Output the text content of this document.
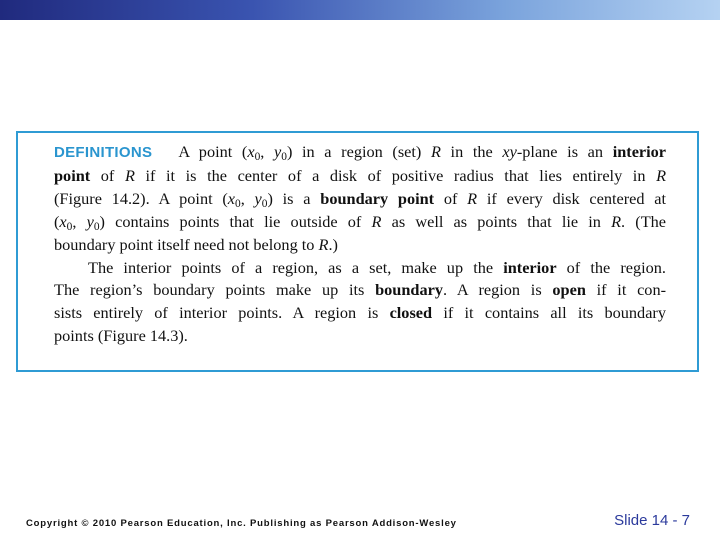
DEFINITIONS A point ($x_0$, $y_0$) in a region (set) R in the xy-plane is an interior
point of R if it is the center of a disk of positive radius that lies entirely in R
(Figure 14.2). A point ($x_0$, $y_0$) is a boundary point of R if every disk centered at
($x_0$, $y_0$) contains points that lie outside of R as well as points that lie in R. (The
boundary point itself need not belong to R.)
The interior points of a region, as a set, make up the interior of the region.
The region’s boundary points make up its boundary. A region is open if it con-
sists entirely of interior points. A region is closed if it contains all its boundary
points (Figure 14.3).
Copyright © 2010 Pearson Education, Inc. Publishing as Pearson Addison-Wesley	Slide 14 - 7
